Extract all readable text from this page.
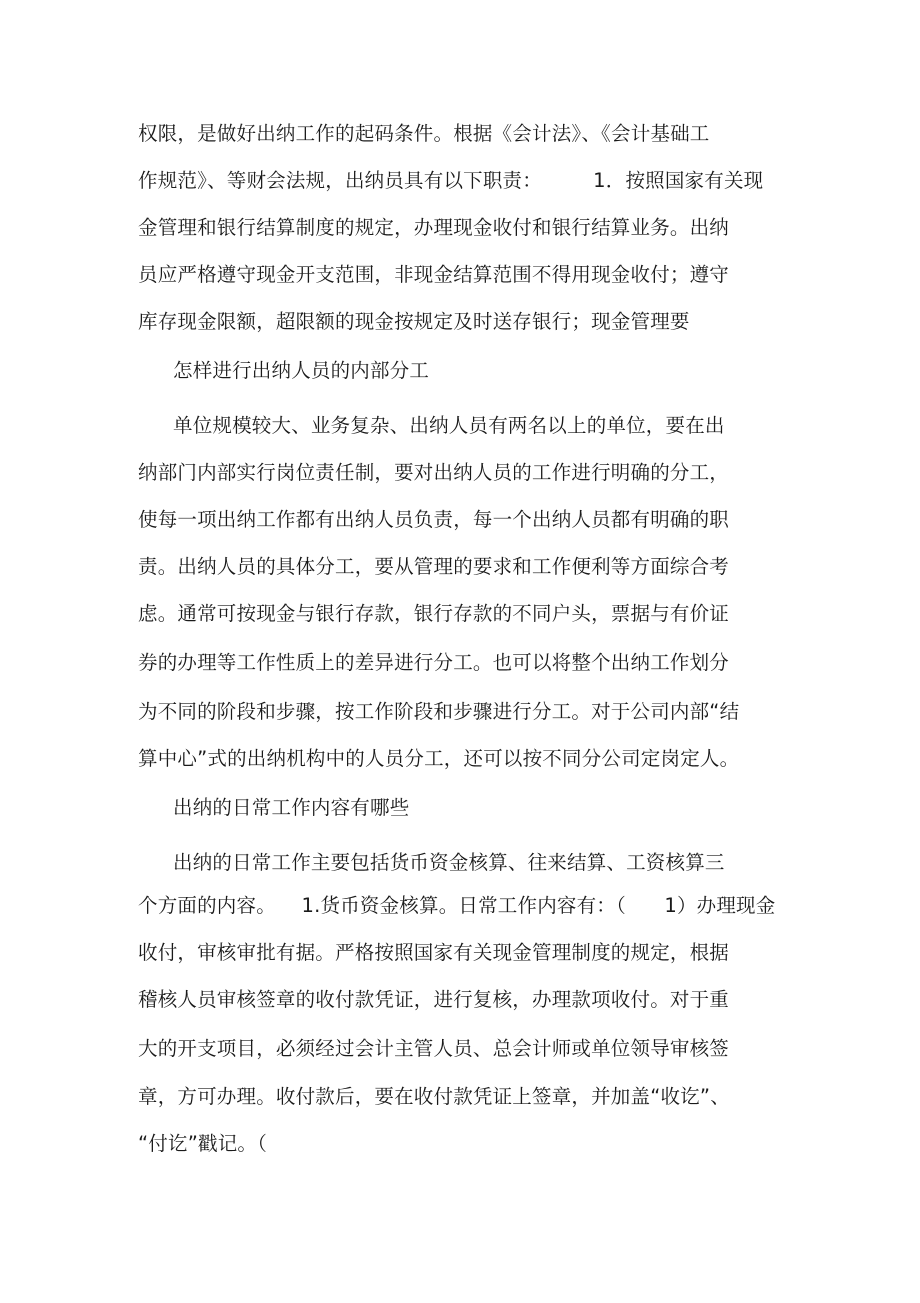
权限，是做好出纳工作的起码条件。根据《会计法》、《会计基础工
作规范》、等财会法规，出纳员具有以下职责：        1．按照国家有关现
金管理和银行结算制度的规定，办理现金收付和银行结算业务。出纳
员应严格遵守现金开支范围，非现金结算范围不得用现金收付；遵守
库存现金限额，超限额的现金按规定及时送存银行；现金管理要
怎样进行出纳人员的内部分工
单位规模较大、业务复杂、出纳人员有两名以上的单位，要在出
纳部门内部实行岗位责任制，要对出纳人员的工作进行明确的分工，
使每一项出纳工作都有出纳人员负责，每一个出纳人员都有明确的职
责。出纳人员的具体分工，要从管理的要求和工作便利等方面综合考
虑。通常可按现金与银行存款，银行存款的不同户头，票据与有价证
券的办理等工作性质上的差异进行分工。也可以将整个出纳工作划分
为不同的阶段和步骤，按工作阶段和步骤进行分工。对于公司内部“结
算中心”式的出纳机构中的人员分工，还可以按不同分公司定岗定人。
出纳的日常工作内容有哪些
出纳的日常工作主要包括货币资金核算、往来结算、工资核算三
个方面的内容。    1.货币资金核算。日常工作内容有：（      1）办理现金
收付，审核审批有据。严格按照国家有关现金管理制度的规定，根据
稽核人员审核签章的收付款凭证，进行复核，办理款项收付。对于重
大的开支项目，必须经过会计主管人员、总会计师或单位领导审核签
章，方可办理。收付款后，要在收付款凭证上签章，并加盖“收讫”、
“付讫”戳记。（
